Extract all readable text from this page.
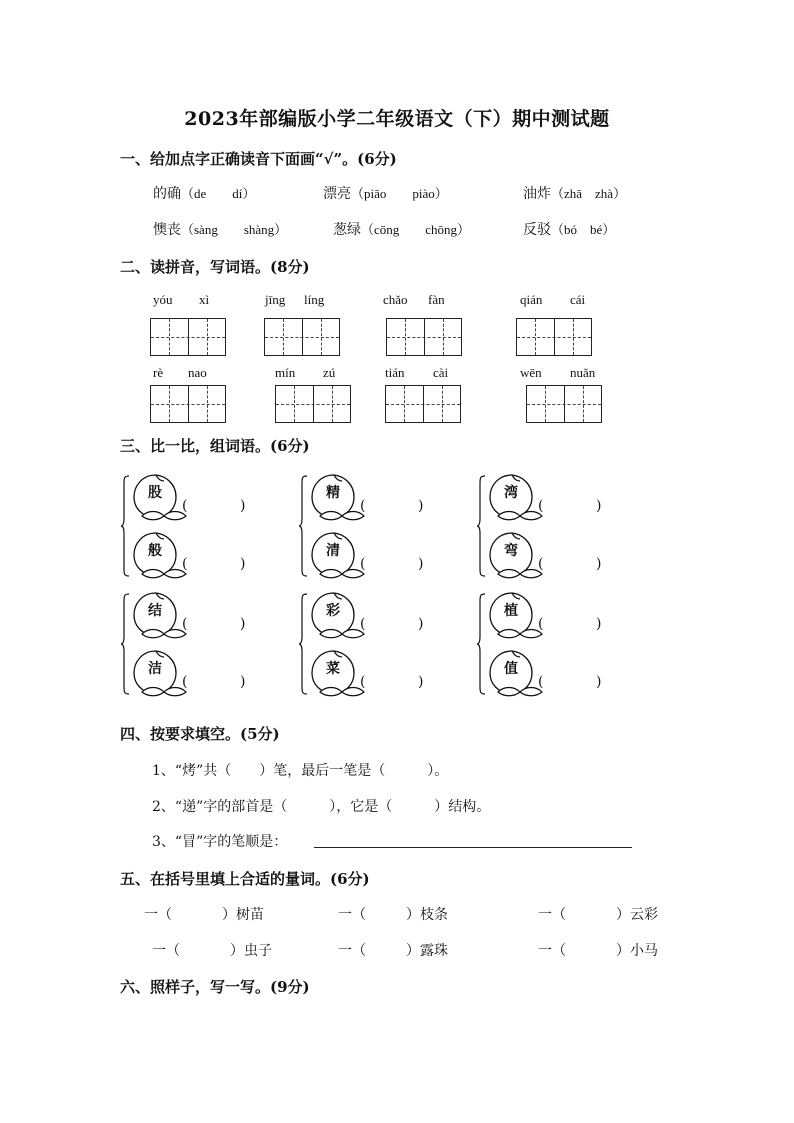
2023年部编版小学二年级语文（下）期中测试题
一、给加点字正确读音下面画“√”。(6分)
的确（de　　dí）	漂亮（piāo　　piào）	油炸（zhā　zhà）
懊丧（sàng　　shàng）	葱绿（cōng　　chōng）	反驳（bó　bé）
二、读拼音，写词语。(8分)
yóu xì	jīng líng	chǎo fàn	qián cái
rè nao	mín zú	tián cài	wēn nuǎn
三、比一比，组词语。(6分)
股
(	)
般
(	)
精
(	)
清
(	)
湾
(	)
弯
(	)
结
(	)
洁
(	)
彩
(	)
菜
(	)
植
(	)
值
(	)
四、按要求填空。(5分)
1、“烤”共（　　）笔，最后一笔是（　　　）。
2、“递”字的部首是（　　　），它是（　　　）结构。
3、“冒”字的笔顺是：
五、在括号里填上合适的量词。(6分)
一（	）树苗	一（	）枝条	一（	）云彩
一（	）虫子	一（	）露珠	一（	）小马
六、照样子，写一写。(9分)
